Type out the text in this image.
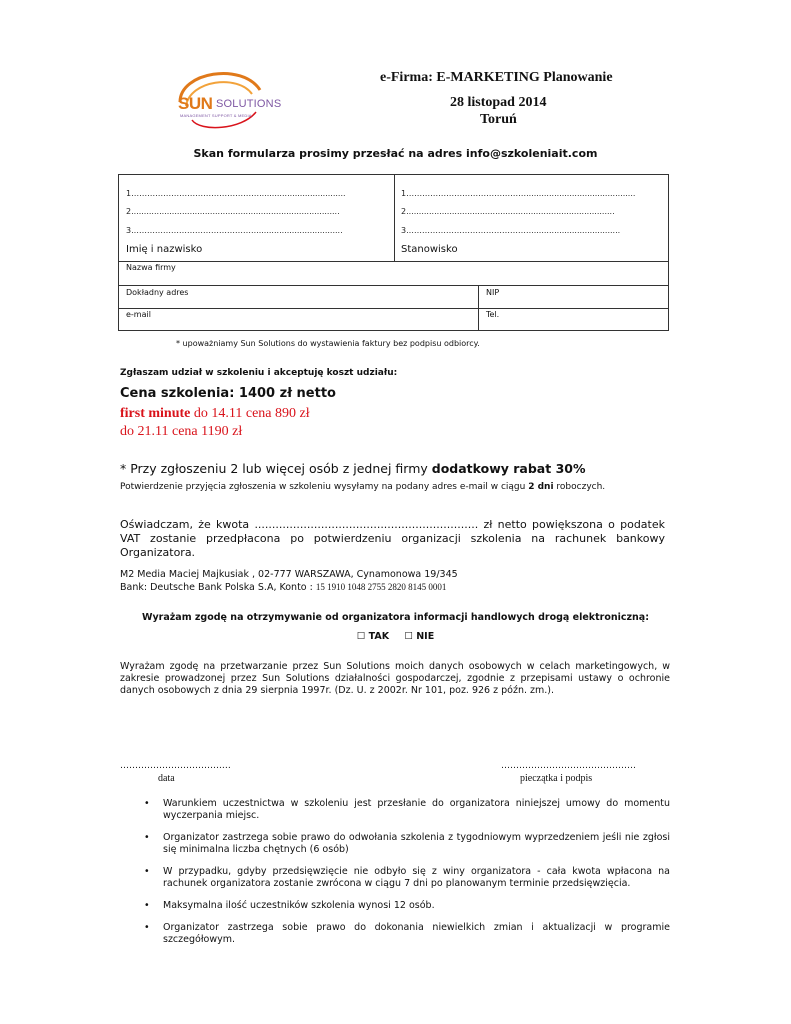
SUN SOLUTIONS
MANAGEMENT SUPPORT & MEDIA
e-Firma: E-MARKETING Planowanie
28 listopad 2014
Toruń
Skan formularza prosimy przesłać na adres info@szkoleniait.com
1…………………………………………..................................
2..................................................................................
3.………………………………………...................................
Imię i nazwisko
1………………………………………...........................................
2..................................................................................
3.………………………………………....................................
Stanowisko
Nazwa firmy
Dokładny adres	NIP
e-mail	Tel.
* upoważniamy Sun Solutions do wystawienia faktury bez podpisu odbiorcy.
Zgłaszam udział w szkoleniu i akceptuję koszt udziału:
Cena szkolenia: 1400 zł netto
first minute do 14.11 cena 890 zł
do 21.11 cena 1190 zł
* Przy zgłoszeniu 2 lub więcej osób z jednej firmy dodatkowy rabat 30%
Potwierdzenie przyjęcia zgłoszenia w szkoleniu wysyłamy na podany adres e-mail w ciągu 2 dni roboczych.
Oświadczam, że kwota ................................................................ zł netto powiększona o podatek VAT zostanie przedpłacona po potwierdzeniu organizacji szkolenia na rachunek bankowy Organizatora.
M2 Media Maciej Majkusiak , 02-777 WARSZAWA, Cynamonowa 19/345
Bank: Deutsche Bank Polska S.A, Konto : 15 1910 1048 2755 2820 8145 0001
Wyrażam zgodę na otrzymywanie od organizatora informacji handlowych drogą elektroniczną:
☐ TAK ☐ NIE
Wyrażam zgodę na przetwarzanie przez Sun Solutions moich danych osobowych w celach marketingowych, w zakresie prowadzonej przez Sun Solutions działalności gospodarczej, zgodnie z przepisami ustawy o ochronie danych osobowych z dnia 29 sierpnia 1997r. (Dz. U. z 2002r. Nr 101, poz. 926 z późn. zm.).
…………………………….…
data
………………………………………
pieczątka i podpis
• Warunkiem uczestnictwa w szkoleniu jest przesłanie do organizatora niniejszej umowy do momentu wyczerpania miejsc.
• Organizator zastrzega sobie prawo do odwołania szkolenia z tygodniowym wyprzedzeniem jeśli nie zgłosi się minimalna liczba chętnych (6 osób)
• W przypadku, gdyby przedsięwzięcie nie odbyło się z winy organizatora - cała kwota wpłacona na rachunek organizatora zostanie zwrócona w ciągu 7 dni po planowanym terminie przedsięwzięcia.
• Maksymalna ilość uczestników szkolenia wynosi 12 osób.
• Organizator zastrzega sobie prawo do dokonania niewielkich zmian i aktualizacji w programie szczegółowym.
